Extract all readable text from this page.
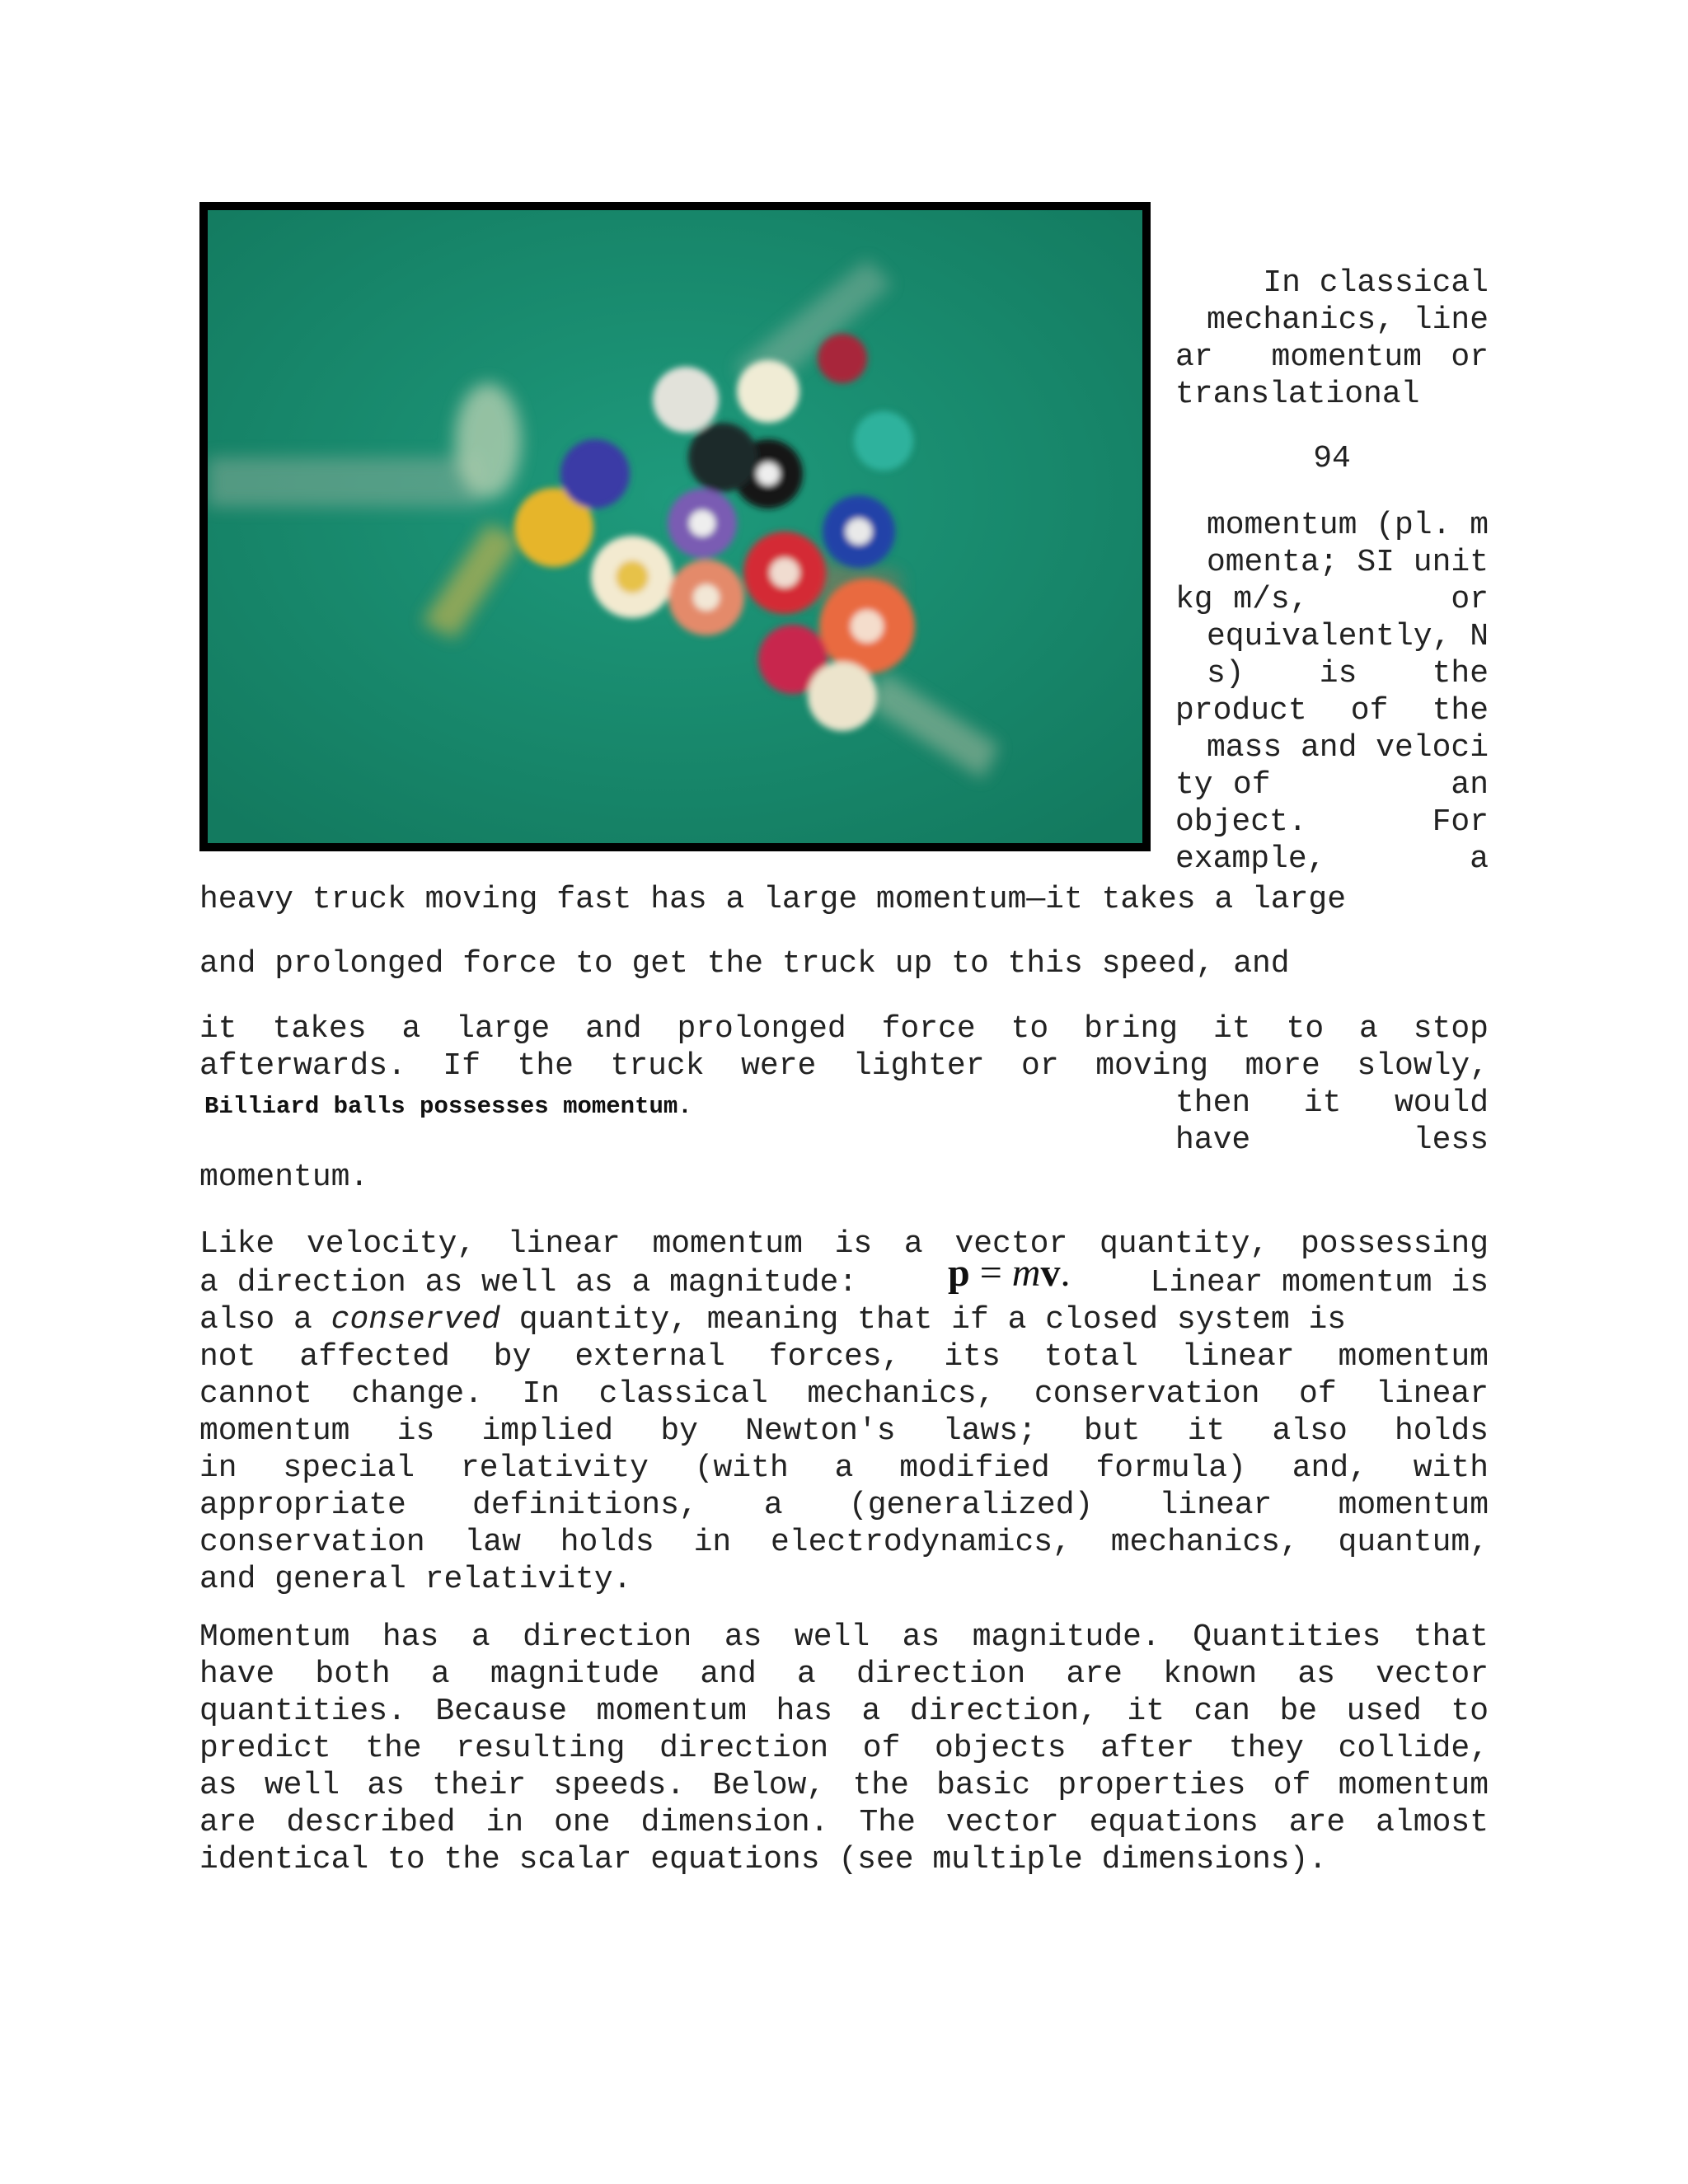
In classical
mechanics, line
ar  momentum or
translational
94
momentum (pl. m
omenta; SI unit
kg m/s,       or
equivalently, N
s)    is    the
product  of  the
mass and veloci
ty of         an
object.      For
example,       a
heavy truck moving fast has a large momentum—it takes a large
and prolonged force to get the truck up to this speed, and
it takes a large and prolonged force to bring it to a stop
afterwards. If the truck were lighter or moving more slowly,
Billiard balls possesses momentum.	then it would
have less
momentum.
Like velocity, linear momentum is a vector quantity, possessing
a direction as well as a magnitude: p = mv.	Linear momentum is
also a conserved quantity, meaning that if a closed system is
not affected by external forces, its total linear momentum
cannot change. In classical mechanics, conservation of linear
momentum is implied by Newton's laws; but it also holds
in special relativity (with a modified formula) and, with
appropriate definitions, a (generalized) linear momentum
conservation law holds in electrodynamics, mechanics, quantum,
and general relativity.
Momentum has a direction as well as magnitude. Quantities that
have both a magnitude and a direction are known as vector
quantities. Because momentum has a direction, it can be used to
predict the resulting direction of objects after they collide,
as well as their speeds. Below, the basic properties of momentum
are described in one dimension. The vector equations are almost
identical to the scalar equations (see multiple dimensions).
